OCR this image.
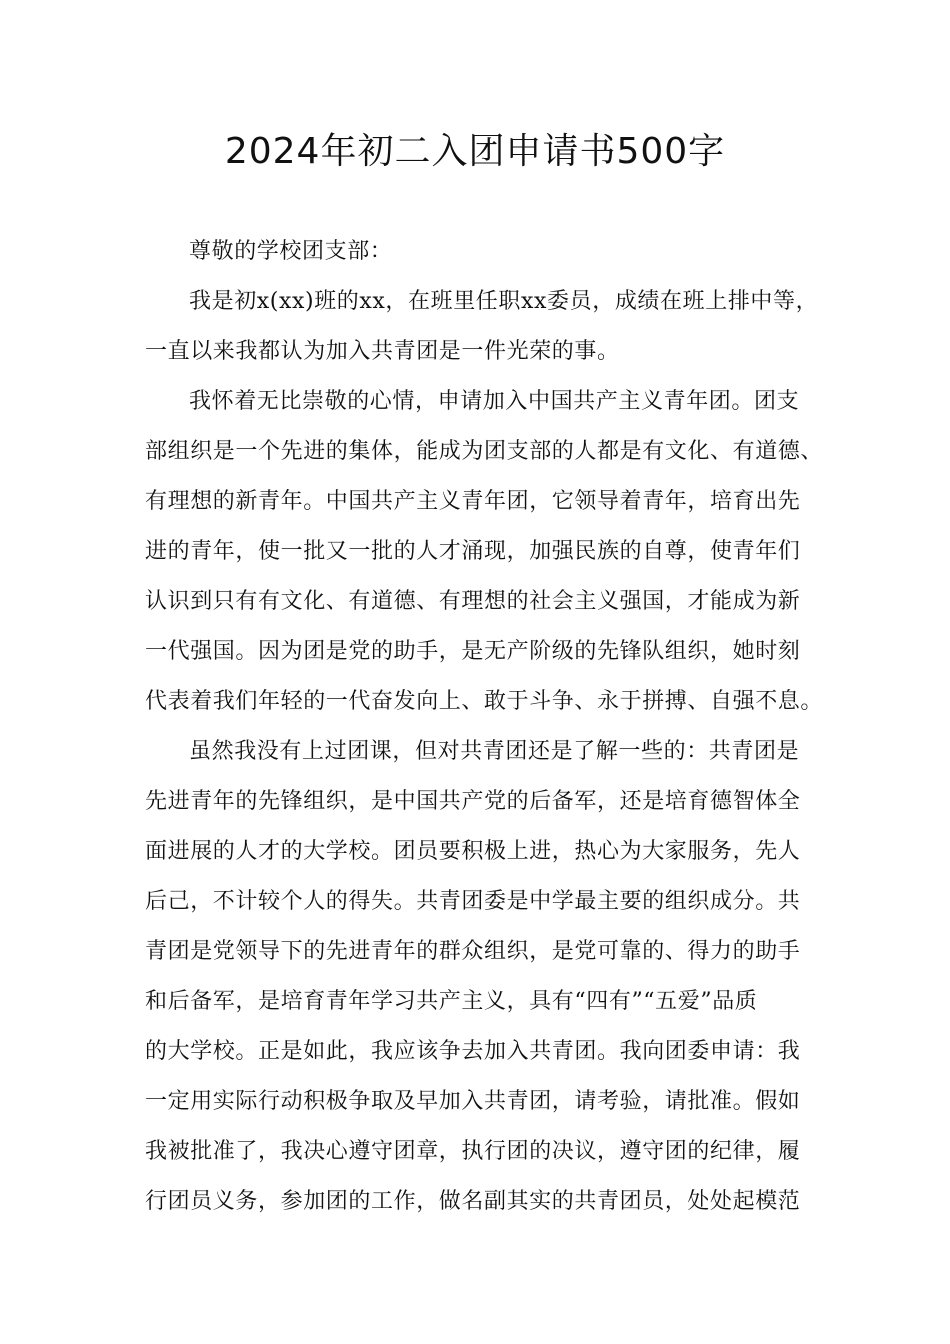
2024年初二入团申请书500字
尊敬的学校团支部：
我是初x(xx)班的xx，在班里任职xx委员，成绩在班上排中等，
一直以来我都认为加入共青团是一件光荣的事。
我怀着无比崇敬的心情，申请加入中国共产主义青年团。团支
部组织是一个先进的集体，能成为团支部的人都是有文化、有道德、
有理想的新青年。中国共产主义青年团，它领导着青年，培育出先
进的青年，使一批又一批的人才涌现，加强民族的自尊，使青年们
认识到只有有文化、有道德、有理想的社会主义强国，才能成为新
一代强国。因为团是党的助手，是无产阶级的先锋队组织，她时刻
代表着我们年轻的一代奋发向上、敢于斗争、永于拼搏、自强不息。
虽然我没有上过团课，但对共青团还是了解一些的：共青团是
先进青年的先锋组织，是中国共产党的后备军，还是培育德智体全
面进展的人才的大学校。团员要积极上进，热心为大家服务，先人
后己，不计较个人的得失。共青团委是中学最主要的组织成分。共
青团是党领导下的先进青年的群众组织，是党可靠的、得力的助手
和后备军，是培育青年学习共产主义，具有“四有”“五爱”品质
的大学校。正是如此，我应该争去加入共青团。我向团委申请：我
一定用实际行动积极争取及早加入共青团，请考验，请批准。假如
我被批准了，我决心遵守团章，执行团的决议，遵守团的纪律，履
行团员义务，参加团的工作，做名副其实的共青团员，处处起模范
